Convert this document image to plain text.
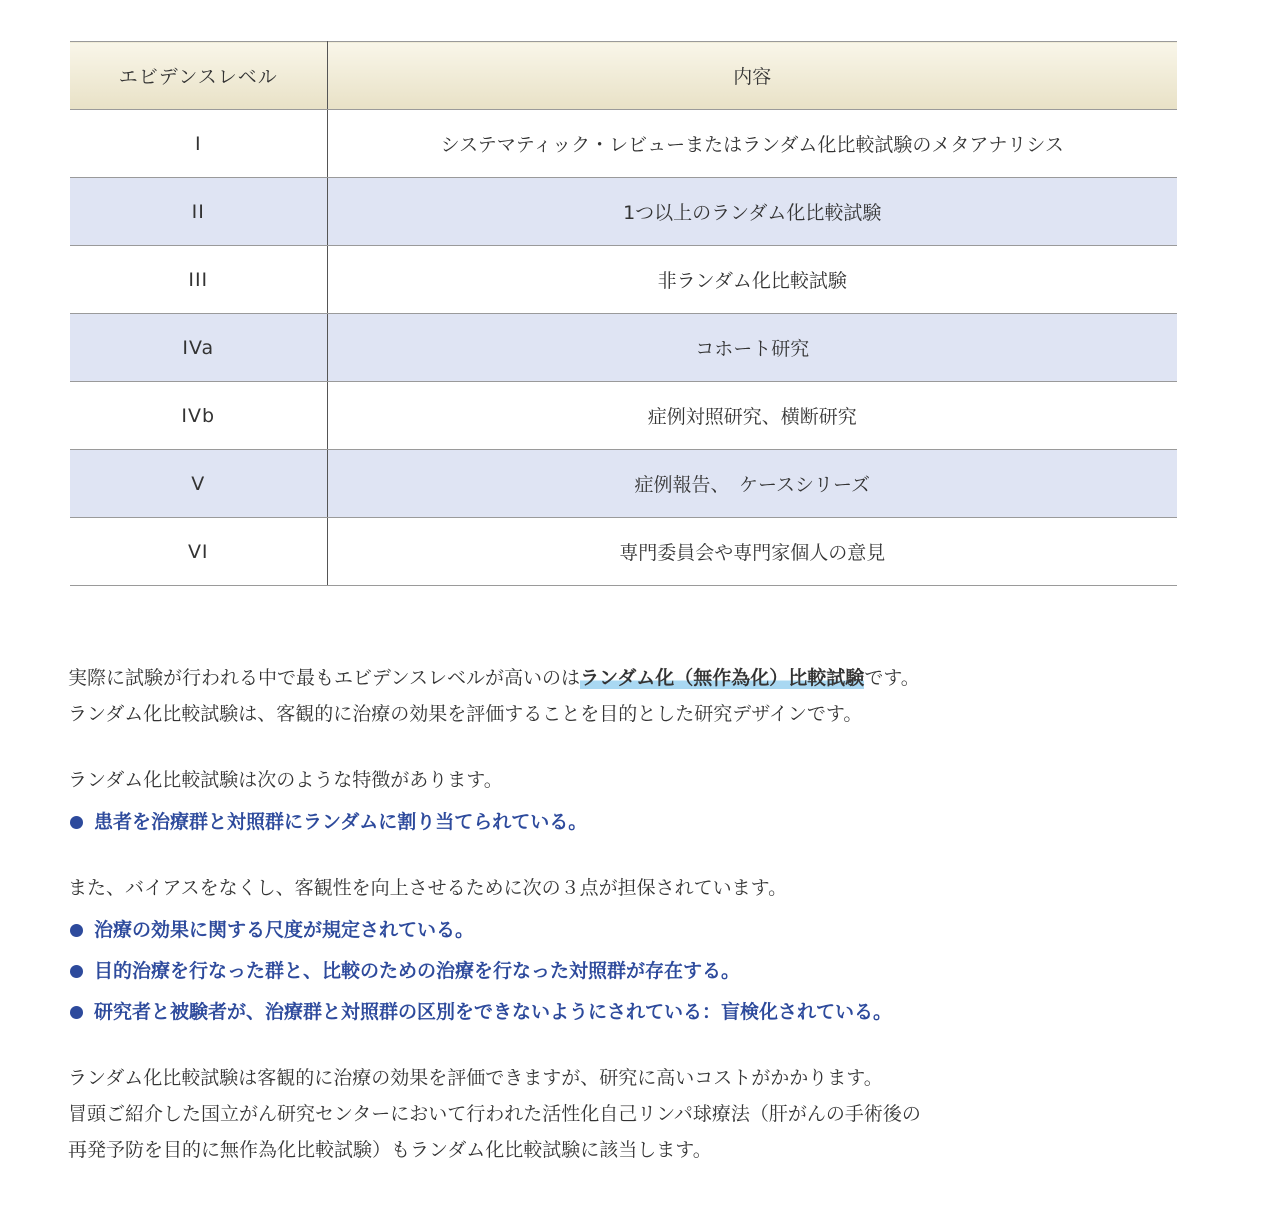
エビデンスレベル	内容
I	システマティック・レビューまたはランダム化比較試験のメタアナリシス
II	1つ以上のランダム化比較試験
III	非ランダム化比較試験
IVa	コホート研究
IVb	症例対照研究、横断研究
V	症例報告、　ケースシリーズ
VI	専門委員会や専門家個人の意見

実際に試験が行われる中で最もエビデンスレベルが高いのはランダム化（無作為化）比較試験です。

ランダム化比較試験は、客観的に治療の効果を評価することを目的とした研究デザインです。

ランダム化比較試験は次のような特徴があります。

患者を治療群と対照群にランダムに割り当てられている。

また、バイアスをなくし、客観性を向上させるために次の３点が担保されています。

治療の効果に関する尺度が規定されている。
目的治療を行なった群と、比較のための治療を行なった対照群が存在する。
研究者と被験者が、治療群と対照群の区別をできないようにされている：盲検化されている。

ランダム化比較試験は客観的に治療の効果を評価できますが、研究に高いコストがかかります。

冒頭ご紹介した国立がん研究センターにおいて行われた活性化自己リンパ球療法（肝がんの手術後の

再発予防を目的に無作為化比較試験）もランダム化比較試験に該当します。
